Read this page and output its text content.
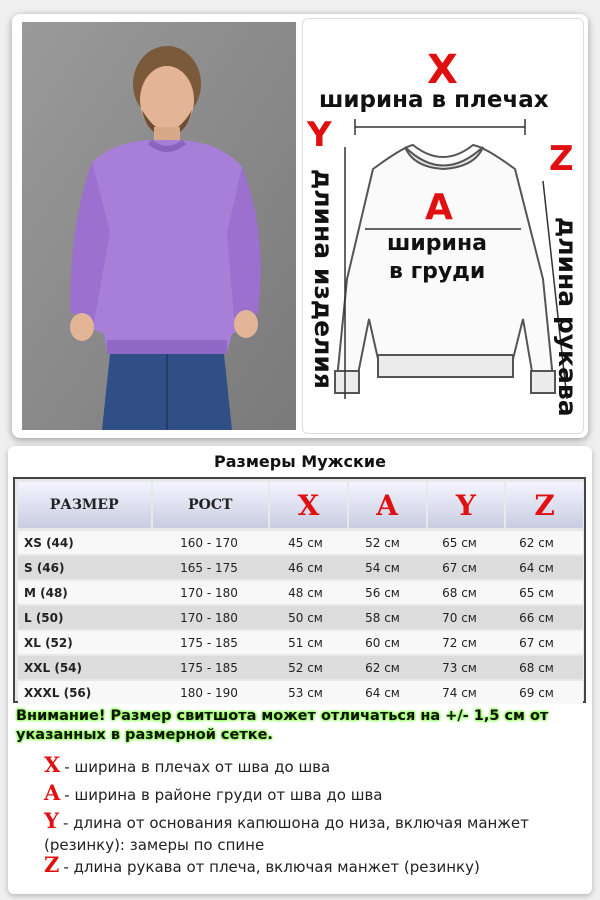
X
ширина в плечах
Y
длина изделия
Z
длина рукава
A
ширина
в груди
Размеры Мужские
РАЗМЕР	РОСТ	X	A	Y	Z
XS (44)	160 - 170	45 см	52 см	65 см	62 см
S (46)	165 - 175	46 см	54 см	67 см	64 см
M (48)	170 - 180	48 см	56 см	68 см	65 см
L (50)	170 - 180	50 см	58 см	70 см	66 см
XL (52)	175 - 185	51 см	60 см	72 см	67 см
XXL (54)	175 - 185	52 см	62 см	73 см	68 см
XXXL (56)	180 - 190	53 см	64 см	74 см	69 см
Внимание! Размер свитшота может отличаться на +/- 1,5 см от указанных в размерной сетке.
X - ширина в плечах от шва до шва
A - ширина в районе груди от шва до шва
Y - длина от основания капюшона до низа, включая манжет (резинку): замеры по спине
Z - длина рукава от плеча, включая манжет (резинку)
